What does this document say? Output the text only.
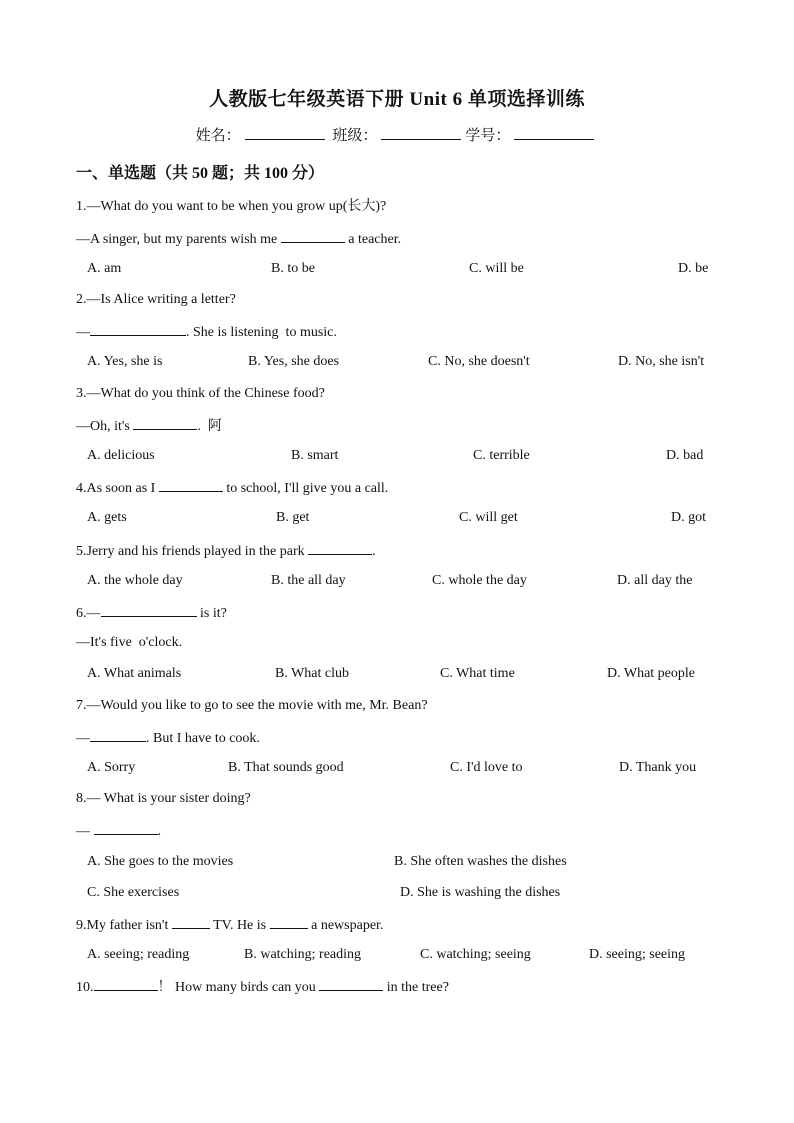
人教版七年级英语下册 Unit 6 单项选择训练
姓名：	班级：	学号：
一、单选题（共 50 题；共 100 分）
1.—What do you want to be when you grow up(长大)?
—A singer, but my parents wish me	a teacher.
A. am	B. to be	C. will be	D. be
2.—Is Alice writing a letter?
—	. She is listening  to music.
A. Yes, she is	B. Yes, she does	C. No, she doesn't	D. No, she isn't
3.—What do you think of the Chinese food?
—Oh, it's	.  阿
A. delicious	B. smart	C. terrible	D. bad
4.As soon as I	to school, I'll give you a call.
A. gets	B. get	C. will get	D. got
5.Jerry and his friends played in the park	.
A. the whole day	B. the all day	C. whole the day	D. all day the
6.—	is it?
—It's five  o'clock.
A. What animals	B. What club	C. What time	D. What people
7.—Would you like to go to see the movie with me, Mr. Bean?
—	. But I have to cook.
A. Sorry	B. That sounds good	C. I'd love to	D. Thank you
8.— What is your sister doing?
—	.
A. She goes to the movies	B. She often washes the dishes
C. She exercises	D. She is washing the dishes
9.My father isn't	TV. He is	a newspaper.
A. seeing; reading	B. watching; reading	C. watching; seeing	D. seeing; seeing
10.	！ How many birds can you	in the tree?
